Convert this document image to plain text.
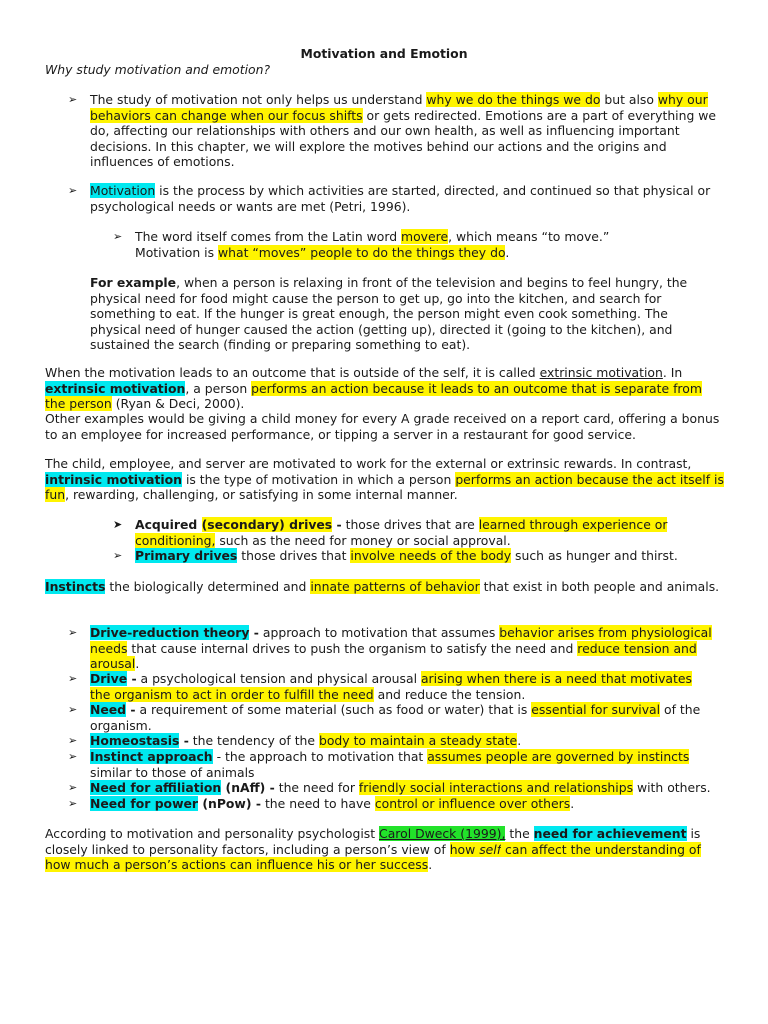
Motivation and Emotion
Why study motivation and emotion?
➢	The study of motivation not only helps us understand why we do the things we do but also why our behaviors can change when our focus shifts or gets redirected. Emotions are a part of everything we do, affecting our relationships with others and our own health, as well as influencing important decisions. In this chapter, we will explore the motives behind our actions and the origins and influences of emotions.
➢	Motivation is the process by which activities are started, directed, and continued so that physical or psychological needs or wants are met (Petri, 1996).
➢	The word itself comes from the Latin word movere, which means “to move.”
Motivation is what “moves” people to do the things they do.
For example, when a person is relaxing in front of the television and begins to feel hungry, the physical need for food might cause the person to get up, go into the kitchen, and search for something to eat. If the hunger is great enough, the person might even cook something. The physical need of hunger caused the action (getting up), directed it (going to the kitchen), and sustained the search (finding or preparing something to eat).
When the motivation leads to an outcome that is outside of the self, it is called extrinsic motivation. In extrinsic motivation, a person performs an action because it leads to an outcome that is separate from the person (Ryan & Deci, 2000).
Other examples would be giving a child money for every A grade received on a report card, offering a bonus to an employee for increased performance, or tipping a server in a restaurant for good service.
The child, employee, and server are motivated to work for the external or extrinsic rewards. In contrast, intrinsic motivation is the type of motivation in which a person performs an action because the act itself is fun, rewarding, challenging, or satisfying in some internal manner.
➤	Acquired (secondary) drives - those drives that are learned through experience or conditioning, such as the need for money or social approval.
➢	Primary drives those drives that involve needs of the body such as hunger and thirst.
Instincts the biologically determined and innate patterns of behavior that exist in both people and animals.
➢	Drive-reduction theory - approach to motivation that assumes behavior arises from physiological needs that cause internal drives to push the organism to satisfy the need and reduce tension and arousal.
➢	Drive - a psychological tension and physical arousal arising when there is a need that motivates the organism to act in order to fulfill the need and reduce the tension.
➢	Need - a requirement of some material (such as food or water) that is essential for survival of the organism.
➢	Homeostasis - the tendency of the body to maintain a steady state.
➢	Instinct approach - the approach to motivation that assumes people are governed by instincts similar to those of animals
➢	Need for affiliation (nAff) - the need for friendly social interactions and relationships with others.
➢	Need for power (nPow) - the need to have control or influence over others.
According to motivation and personality psychologist Carol Dweck (1999), the need for achievement is closely linked to personality factors, including a person’s view of how self can affect the understanding of how much a person’s actions can influence his or her success.
